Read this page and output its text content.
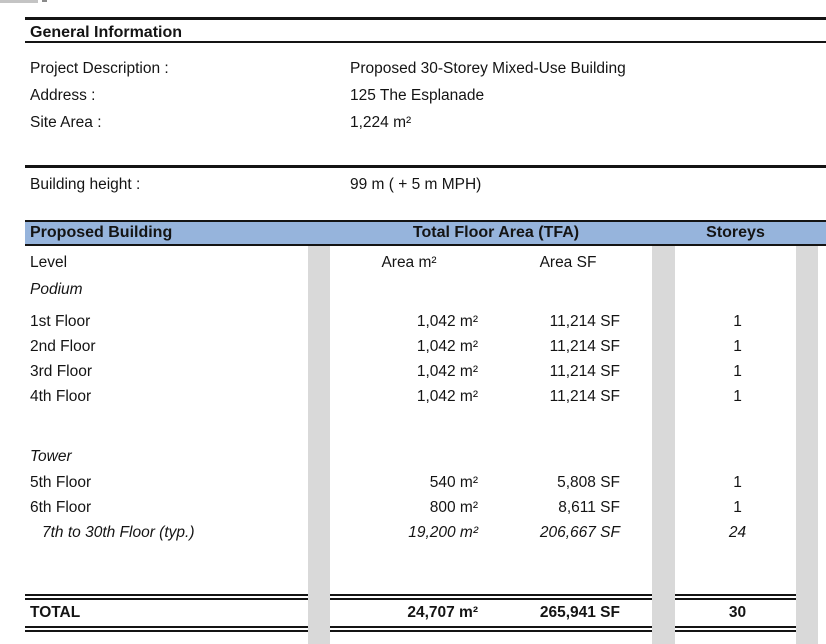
General Information
Project Description :	Proposed 30-Storey Mixed-Use Building
Address :	125 The Esplanade
Site Area :	1,224 m²
Building height :	99 m ( + 5 m MPH)
Proposed Building	Total Floor Area (TFA)	Storeys
Level	Area m²	Area SF
Podium
1st Floor	1,042 m²	11,214 SF	1
2nd Floor	1,042 m²	11,214 SF	1
3rd Floor	1,042 m²	11,214 SF	1
4th Floor	1,042 m²	11,214 SF	1
Tower
5th Floor	540 m²	5,808 SF	1
6th Floor	800 m²	8,611 SF	1
7th to 30th Floor (typ.)	19,200 m²	206,667 SF	24
TOTAL	24,707 m²	265,941 SF	30
